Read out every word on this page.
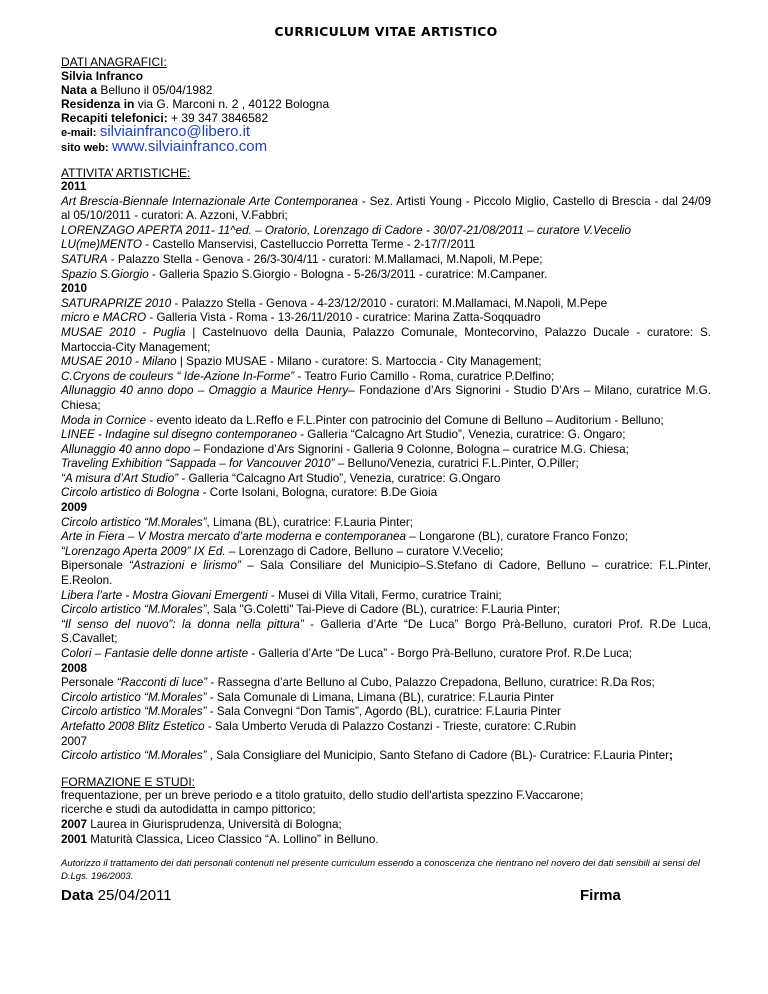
CURRICULUM VITAE ARTISTICO
DATI ANAGRAFICI:
Silvia Infranco
Nata a Belluno il 05/04/1982
Residenza in via G. Marconi n. 2 , 40122 Bologna
Recapiti telefonici: + 39 347 3846582
e-mail: silviainfranco@libero.it
sito web: www.silviainfranco.com
ATTIVITA’ ARTISTICHE:
2011
Art Brescia-Biennale Internazionale Arte Contemporanea - Sez. Artisti Young - Piccolo Miglio, Castello di Brescia - dal 24/09 al 05/10/2011 - curatori: A. Azzoni, V.Fabbri;
LORENZAGO APERTA 2011- 11^ed. – Oratorio, Lorenzago di Cadore - 30/07-21/08/2011 – curatore V.Vecelio
LU(me)MENTO - Castello Manservisi, Castelluccio Porretta Terme - 2-17/7/2011
SATURA - Palazzo Stella - Genova - 26/3-30/4/11 - curatori: M.Mallamaci, M.Napoli, M.Pepe;
Spazio S.Giorgio - Galleria Spazio S.Giorgio - Bologna - 5-26/3/2011 - curatrice: M.Campaner.
2010
SATURAPRIZE 2010 - Palazzo Stella - Genova - 4-23/12/2010 - curatori: M.Mallamaci, M.Napoli, M.Pepe
micro e MACRO - Galleria Vista - Roma - 13-26/11/2010 - curatrice: Marina Zatta-Soqquadro
MUSAE 2010 - Puglia | Castelnuovo della Daunia, Palazzo Comunale, Montecorvino, Palazzo Ducale - curatore: S. Martoccia-City Management;
MUSAE 2010 - Milano | Spazio MUSAE - Milano - curatore: S. Martoccia - City Management;
C.Cryons de couleurs “ Ide-Azione In-Forme” - Teatro Furio Camillo - Roma, curatrice P.Delfino;
Allunaggio 40 anno dopo – Omaggio a Maurice Henry– Fondazione d’Ars Signorini - Studio D’Ars – Milano, curatrice M.G. Chiesa;
Moda in Cornice - evento ideato da L.Reffo e F.L.Pinter con patrocinio del Comune di Belluno – Auditorium - Belluno;
LINEE - Indagine sul disegno contemporaneo - Galleria “Calcagno Art Studio”, Venezia, curatrice: G. Ongaro;
Allunaggio 40 anno dopo – Fondazione d’Ars Signorini - Galleria 9 Colonne, Bologna – curatrice M.G. Chiesa;
Traveling Exhibition “Sappada – for Vancouver 2010” – Belluno/Venezia, curatrici F.L.Pinter, O.Piller;
“A misura d’Art Studio” - Galleria “Calcagno Art Studio”, Venezia, curatrice: G.Ongaro
Circolo artistico di Bologna - Corte Isolani, Bologna, curatore: B.De Gioia
2009
Circolo artistico “M.Morales”, Limana (BL), curatrice: F.Lauria Pinter;
Arte in Fiera – V Mostra mercato d’arte moderna e contemporanea – Longarone (BL), curatore Franco Fonzo;
“Lorenzago Aperta 2009” IX Ed. – Lorenzago di Cadore, Belluno – curatore V.Vecelio;
Bipersonale “Astrazioni e lirismo” – Sala Consiliare del Municipio–S.Stefano di Cadore, Belluno – curatrice: F.L.Pinter, E.Reolon.
Libera l’arte - Mostra Giovani Emergenti - Musei di Villa Vitali, Fermo, curatrice Traini;
Circolo artistico “M.Morales”, Sala "G.Coletti" Tai-Pieve di Cadore (BL), curatrice: F.Lauria Pinter;
“Il senso del nuovo”: la donna nella pittura” - Galleria d’Arte “De Luca” Borgo Prà-Belluno, curatori Prof. R.De Luca, S.Cavallet;
Colori – Fantasie delle donne artiste - Galleria d’Arte “De Luca” - Borgo Prà-Belluno, curatore Prof. R.De Luca;
2008
Personale “Racconti di luce” - Rassegna d’arte Belluno al Cubo, Palazzo Crepadona, Belluno, curatrice: R.Da Ros;
Circolo artistico “M.Morales” - Sala Comunale di Limana, Limana (BL), curatrice: F.Lauria Pinter
Circolo artistico “M.Morales” - Sala Convegni “Don Tamis”, Agordo (BL), curatrice: F.Lauria Pinter
Artefatto 2008 Blitz Estetico - Sala Umberto Veruda di Palazzo Costanzi - Trieste, curatore: C.Rubin
2007
Circolo artistico “M.Morales” , Sala Consigliare del Municipio, Santo Stefano di Cadore (BL)- Curatrice: F.Lauria Pinter;
FORMAZIONE E STUDI:
frequentazione, per un breve periodo e a titolo gratuito, dello studio dell'artista spezzino F.Vaccarone;
ricerche e studi da autodidatta in campo pittorico;
2007 Laurea in Giurisprudenza, Università di Bologna;
2001 Maturità Classica, Liceo Classico “A. Lollino” in Belluno.
Autorizzo il trattamento dei dati personali contenuti nel presente curriculum essendo a conoscenza che rientrano nel novero dei dati sensibili ai sensi del D.Lgs. 196/2003.
Data 25/04/2011	Firma
